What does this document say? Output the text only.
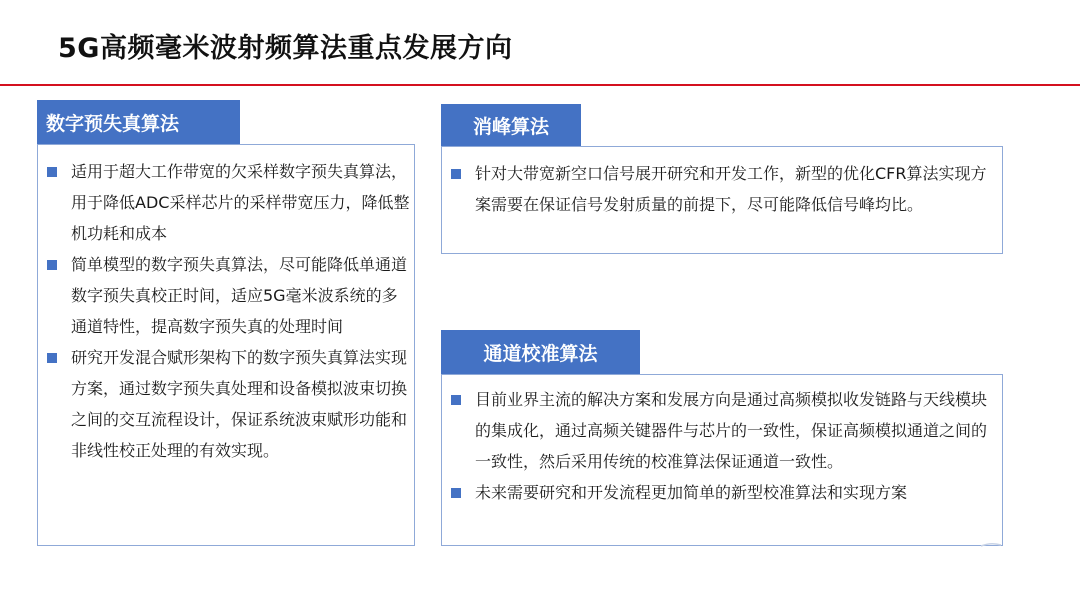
5G高频毫米波射频算法重点发展方向
数字预失真算法
适用于超大工作带宽的欠采样数字预失真算法，用于降低ADC采样芯片的采样带宽压力，降低整机功耗和成本
简单模型的数字预失真算法，尽可能降低单通道数字预失真校正时间，适应5G毫米波系统的多通道特性，提高数字预失真的处理时间
研究开发混合赋形架构下的数字预失真算法实现方案，通过数字预失真处理和设备模拟波束切换之间的交互流程设计，保证系统波束赋形功能和非线性校正处理的有效实现。
消峰算法
针对大带宽新空口信号展开研究和开发工作，新型的优化CFR算法实现方案需要在保证信号发射质量的前提下，尽可能降低信号峰均比。
通道校准算法
目前业界主流的解决方案和发展方向是通过高频模拟收发链路与天线模块的集成化，通过高频关键器件与芯片的一致性，保证高频模拟通道之间的一致性，然后采用传统的校准算法保证通道一致性。
未来需要研究和开发流程更加简单的新型校准算法和实现方案
